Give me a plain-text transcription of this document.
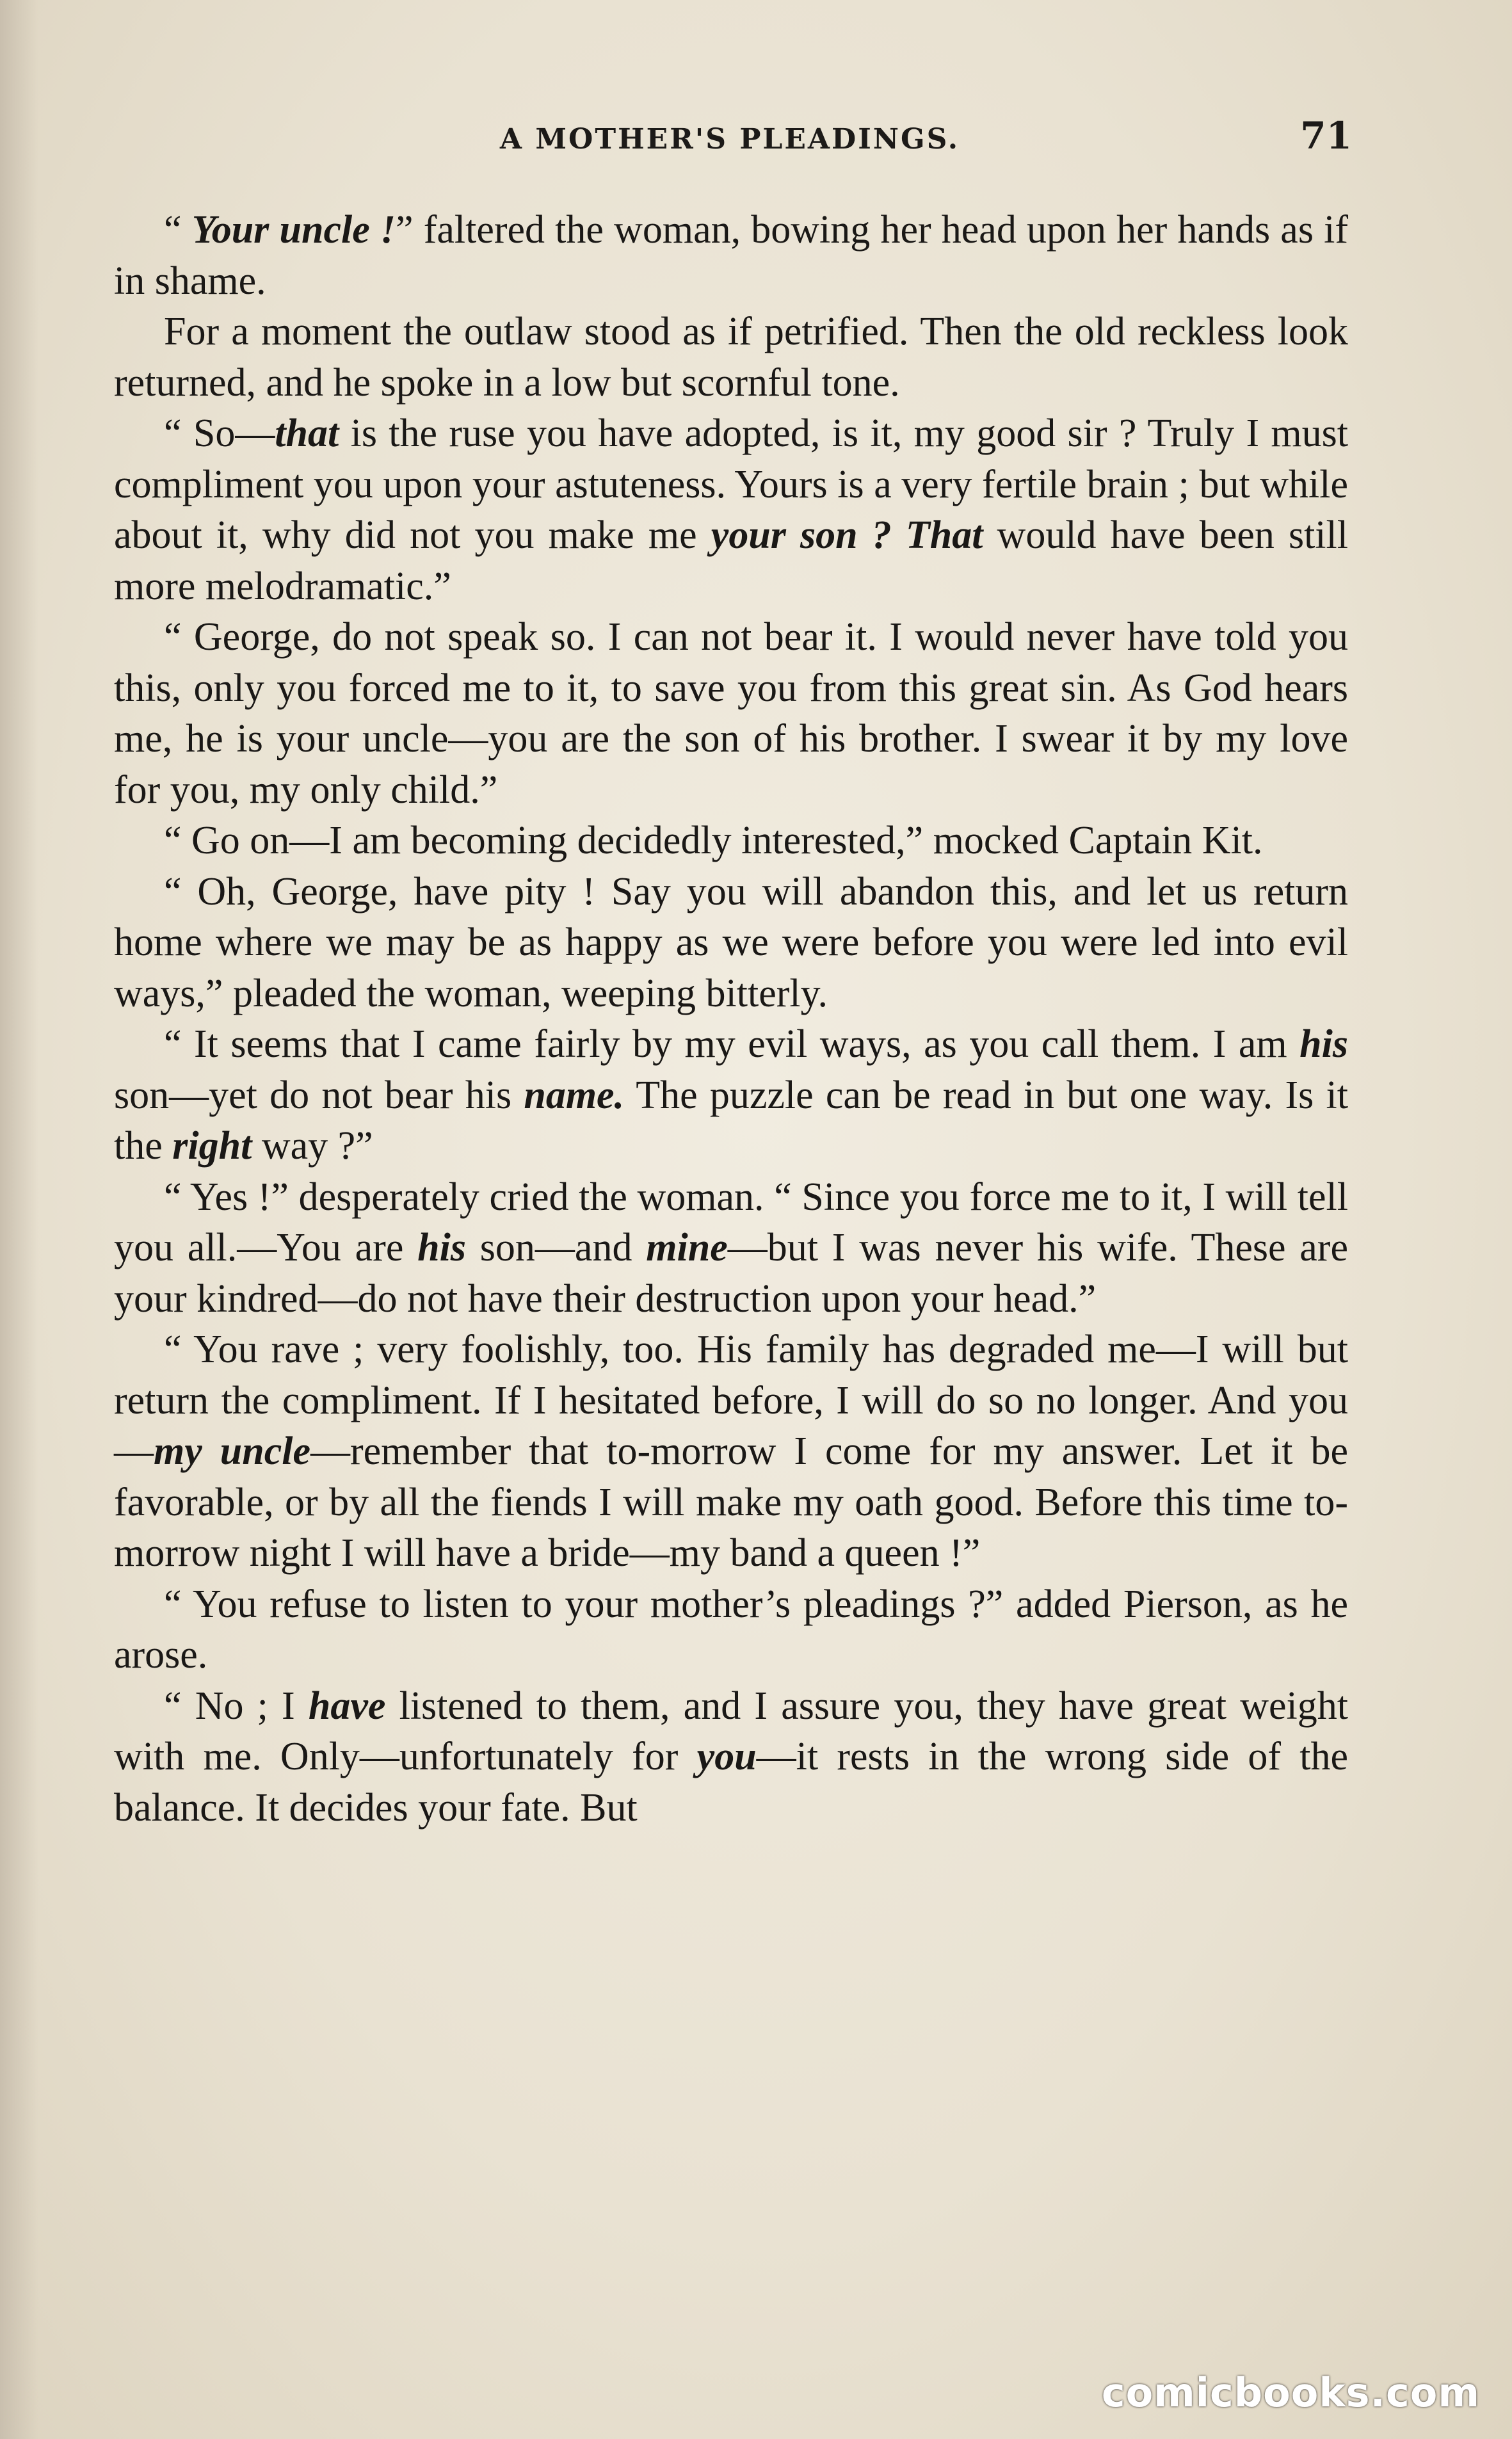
A MOTHER'S PLEADINGS.	71

“ Your uncle !” faltered the woman, bowing her head upon her hands as if in shame.

For a moment the outlaw stood as if petrified. Then the old reckless look returned, and he spoke in a low but scornful tone.

“ So—that is the ruse you have adopted, is it, my good sir ? Truly I must compliment you upon your astuteness. Yours is a very fertile brain ; but while about it, why did not you make me your son ? That would have been still more melodramatic.”

“ George, do not speak so. I can not bear it. I would never have told you this, only you forced me to it, to save you from this great sin. As God hears me, he is your uncle—you are the son of his brother. I swear it by my love for you, my only child.”

“ Go on—I am becoming decidedly interested,” mocked Captain Kit.

“ Oh, George, have pity ! Say you will abandon this, and let us return home where we may be as happy as we were before you were led into evil ways,” pleaded the woman, weeping bitterly.

“ It seems that I came fairly by my evil ways, as you call them. I am his son—yet do not bear his name. The puzzle can be read in but one way. Is it the right way ?”

“ Yes !” desperately cried the woman. “ Since you force me to it, I will tell you all.—You are his son—and mine—but I was never his wife. These are your kindred—do not have their destruction upon your head.”

“ You rave ; very foolishly, too. His family has degraded me—I will but return the compliment. If I hesitated before, I will do so no longer. And you—my uncle—remember that to-morrow I come for my answer. Let it be favorable, or by all the fiends I will make my oath good. Before this time to-morrow night I will have a bride—my band a queen !”

“ You refuse to listen to your mother’s pleadings ?” added Pierson, as he arose.

“ No ; I have listened to them, and I assure you, they have great weight with me. Only—unfortunately for you—it rests in the wrong side of the balance. It decides your fate. But

comicbooks.com
